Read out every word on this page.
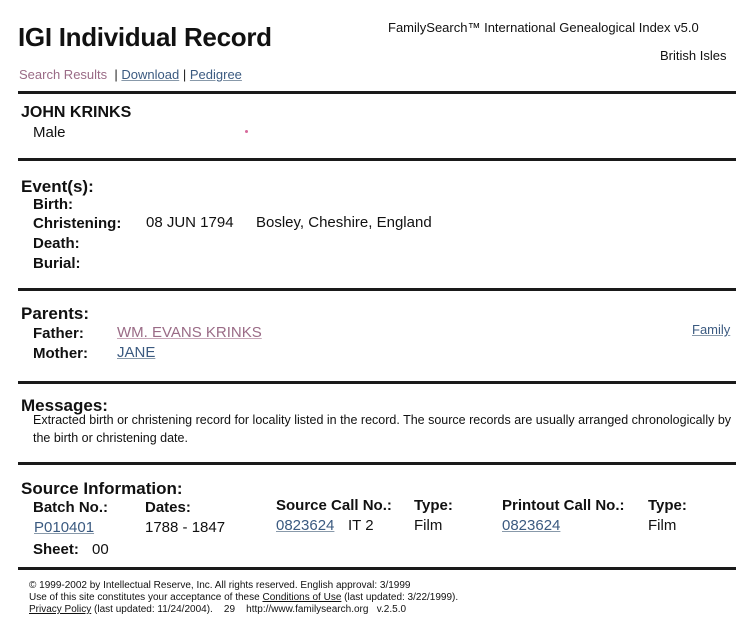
IGI Individual Record	FamilySearch™ International Genealogical Index v5.0
British Isles
Search Results | Download | Pedigree
JOHN KRINKS
Male
Event(s):
Birth:
Christening: 08 JUN 1794 Bosley, Cheshire, England
Death:
Burial:
Parents:
Father: WM. EVANS KRINKS
Mother: JANE
Family
Messages:
Extracted birth or christening record for locality listed in the record. The source records are usually arranged chronologically by the birth or christening date.
Source Information:
Batch No.:
P010401
Dates:
1788 - 1847
Source Call No.:
0823624 IT 2
Type:
Film
Printout Call No.:
0823624
Type:
Film
Sheet: 00
© 1999-2002 by Intellectual Reserve, Inc. All rights reserved. English approval: 3/1999
Use of this site constitutes your acceptance of these Conditions of Use (last updated: 3/22/1999).
Privacy Policy (last updated: 11/24/2004).    29    http://www.familysearch.org   v.2.5.0
